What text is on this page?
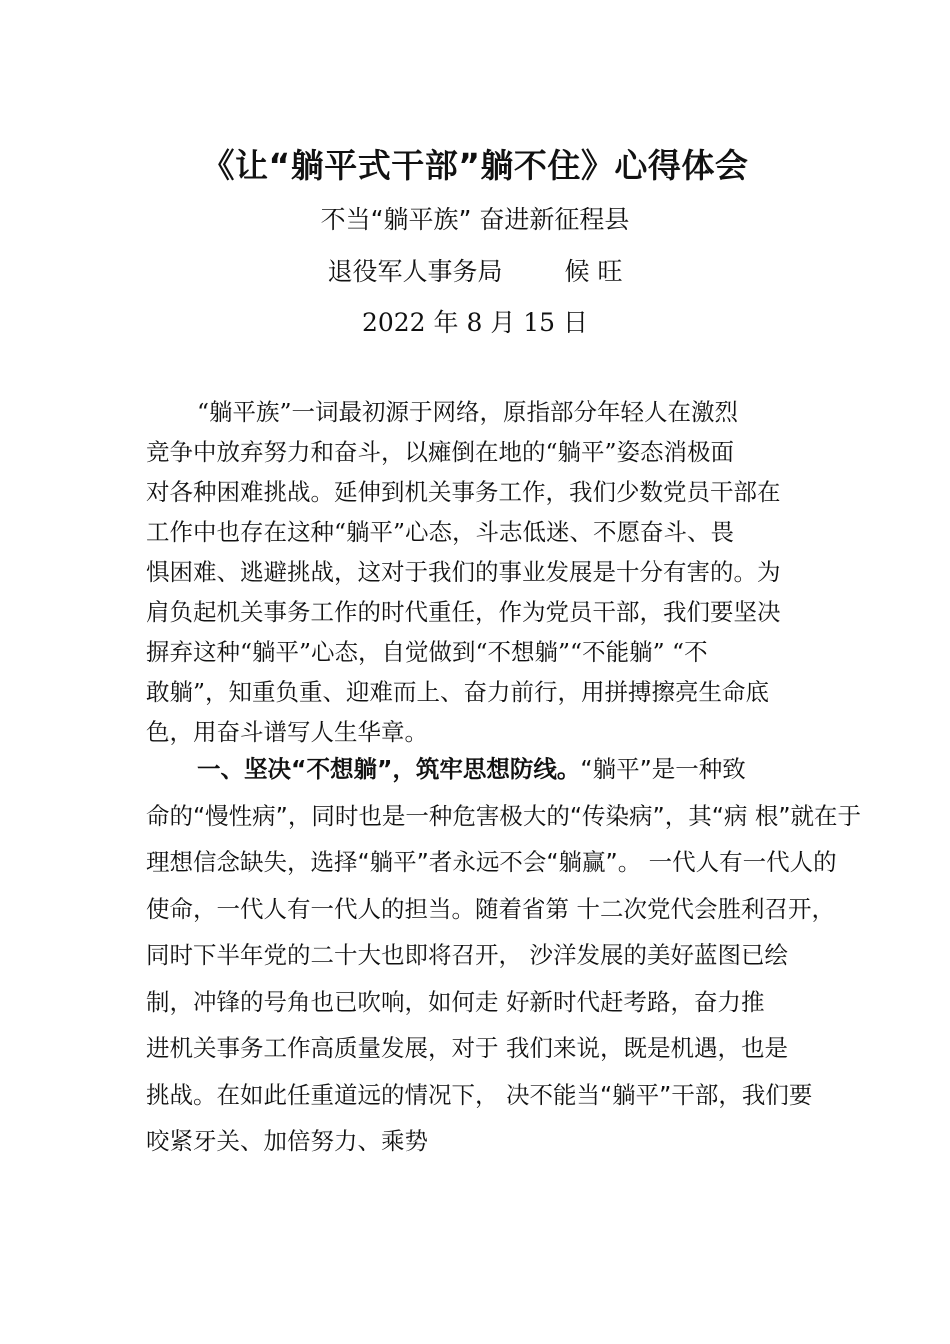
《让“躺平式干部”躺不住》心得体会
不当“躺平族” 奋进新征程县
退役军人事务局 候 旺
2022 年 8 月 15 日
“躺平族”一词最初源于网络，原指部分年轻人在激烈
竞争中放弃努力和奋斗，以瘫倒在地的“躺平”姿态消极面
对各种困难挑战。延伸到机关事务工作，我们少数党员干部在
工作中也存在这种“躺平”心态，斗志低迷、不愿奋斗、畏
惧困难、逃避挑战，这对于我们的事业发展是十分有害的。为
肩负起机关事务工作的时代重任，作为党员干部，我们要坚决
摒弃这种“躺平”心态，自觉做到“不想躺”“不能躺” “不
敢躺”，知重负重、迎难而上、奋力前行，用拼搏擦亮生命底
色，用奋斗谱写人生华章。
一、坚决“不想躺”，筑牢思想防线。“躺平”是一种致
命的“慢性病”，同时也是一种危害极大的“传染病”，其“病 根”就在于
理想信念缺失，选择“躺平”者永远不会“躺赢”。 一代人有一代人的
使命，一代人有一代人的担当。随着省第 十二次党代会胜利召开，
同时下半年党的二十大也即将召开， 沙洋发展的美好蓝图已绘
制，冲锋的号角也已吹响，如何走 好新时代赶考路，奋力推
进机关事务工作高质量发展，对于 我们来说，既是机遇，也是
挑战。在如此任重道远的情况下， 决不能当“躺平”干部，我们要
咬紧牙关、加倍努力、乘势
